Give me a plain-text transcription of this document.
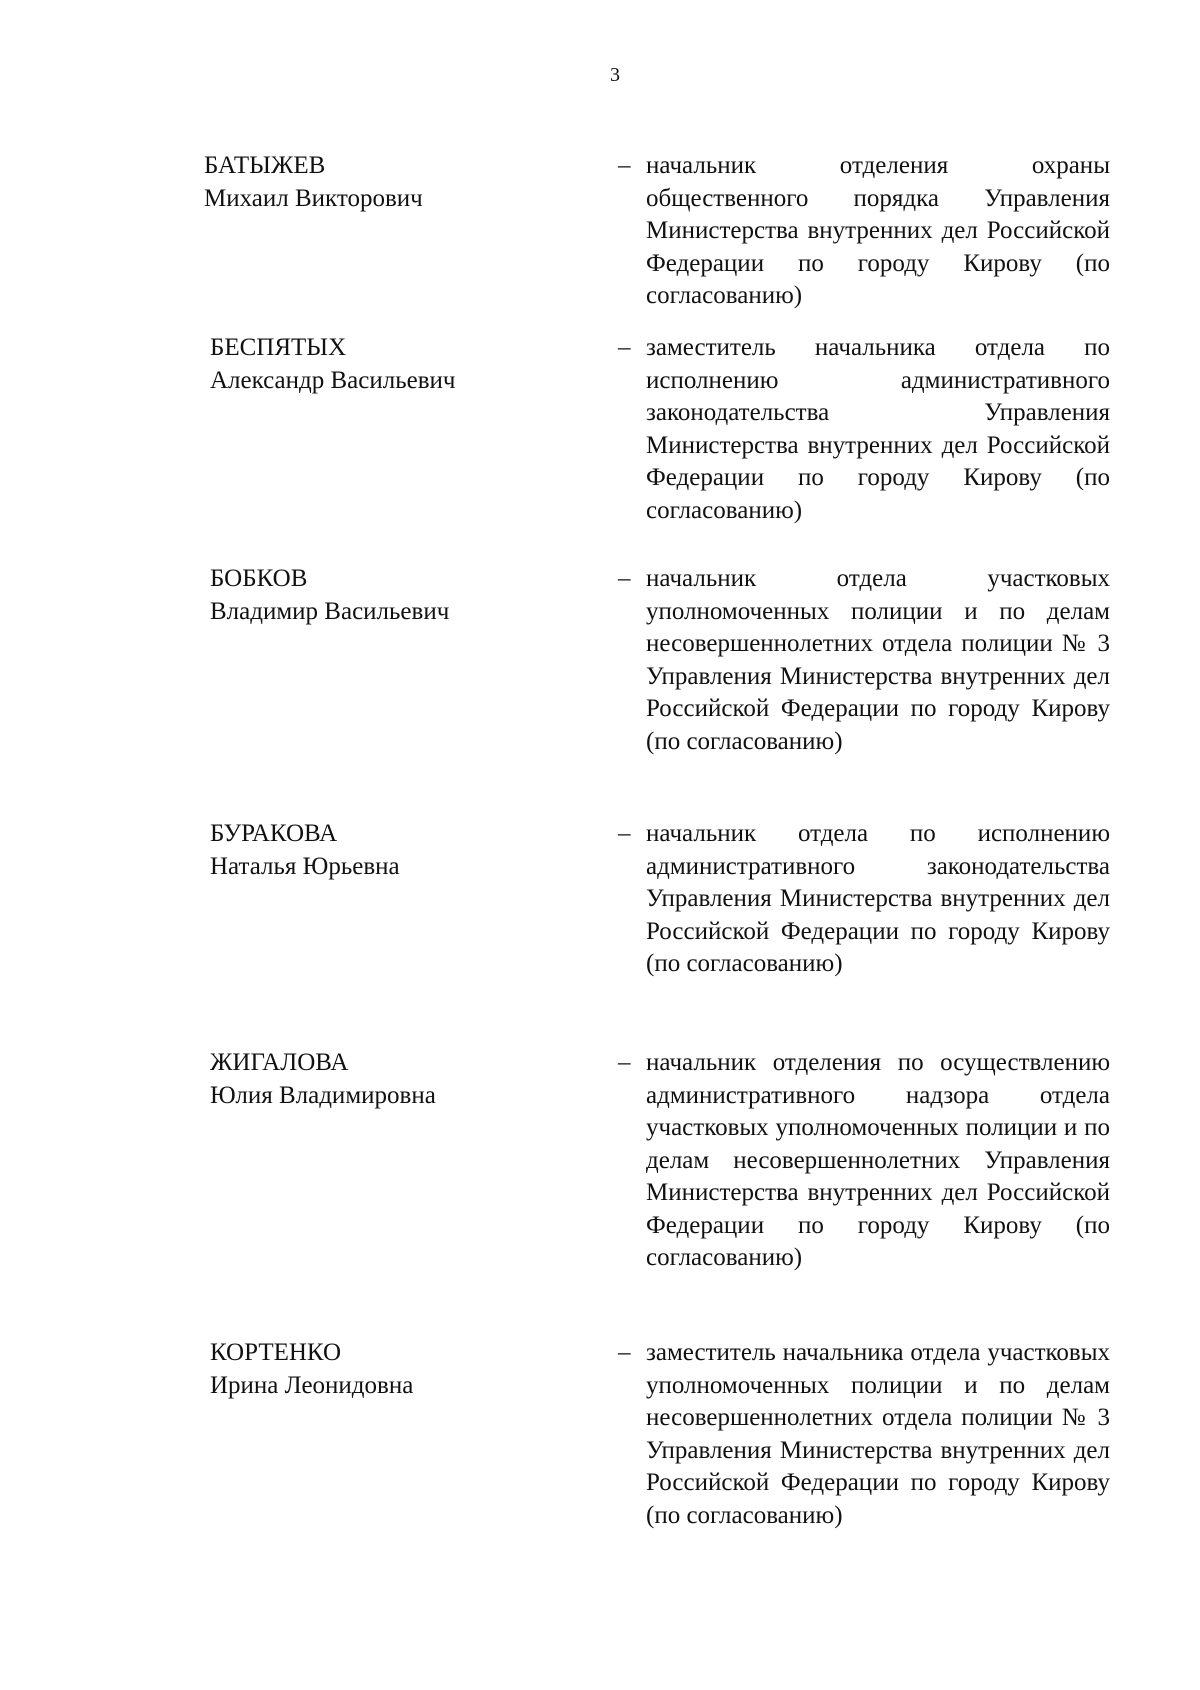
3
БАТЫЖЕВ
Михаил Викторович
– начальник отделения охраны общественного порядка Управления Министерства внутренних дел Российской Федерации по городу Кирову (по согласованию)
БЕСПЯТЫХ
Александр Васильевич
– заместитель начальника отдела по исполнению административного законодательства Управления Министерства внутренних дел Российской Федерации по городу Кирову (по согласованию)
БОБКОВ
Владимир Васильевич
– начальник отдела участковых уполномоченных полиции и по делам несовершеннолетних отдела полиции № 3 Управления Министерства внутренних дел Российской Федерации по городу Кирову (по согласованию)
БУРАКОВА
Наталья Юрьевна
– начальник отдела по исполнению административного законодательства Управления Министерства внутренних дел Российской Федерации по городу Кирову (по согласованию)
ЖИГАЛОВА
Юлия Владимировна
– начальник отделения по осуществлению административного надзора отдела участковых уполномоченных полиции и по делам несовершеннолетних Управления Министерства внутренних дел Российской Федерации по городу Кирову (по согласованию)
КОРТЕНКО
Ирина Леонидовна
– заместитель начальника отдела участковых уполномоченных полиции и по делам несовершеннолетних отдела полиции № 3 Управления Министерства внутренних дел Российской Федерации по городу Кирову (по согласованию)
